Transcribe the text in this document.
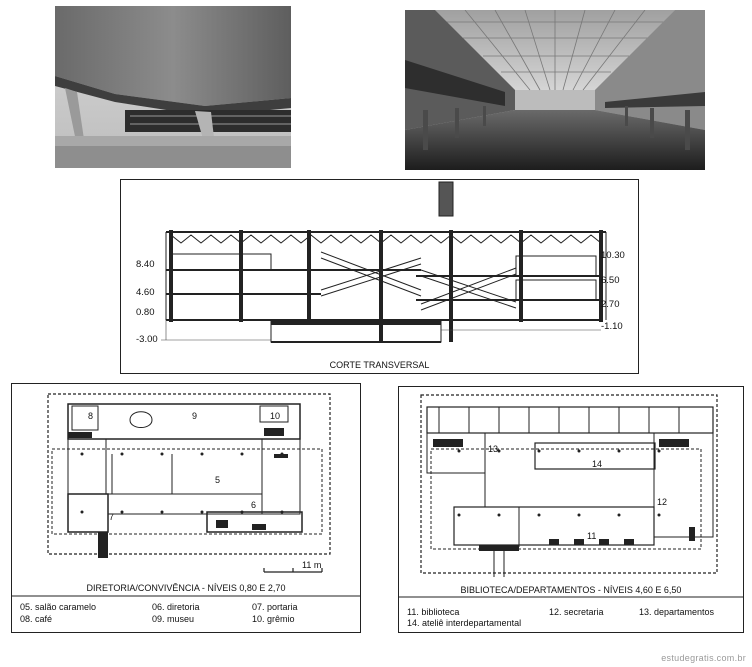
8.40
4.60
0.80
-3.00
10.30
6.50
2.70
-1.10
CORTE TRANSVERSAL
8	9	10
5
6
7
11 m
DIRETORIA/CONVIVÊNCIA - NÍVEIS 0,80 E 2,70
05. salão caramelo	06. diretoria	07. portaria
08. café	09. museu	10. grêmio
13
14
12
11
BIBLIOTECA/DEPARTAMENTOS - NÍVEIS 4,60 E 6,50
11. biblioteca	12. secretaria	13. departamentos
14. ateliê interdepartamental
estudegratis.com.br
